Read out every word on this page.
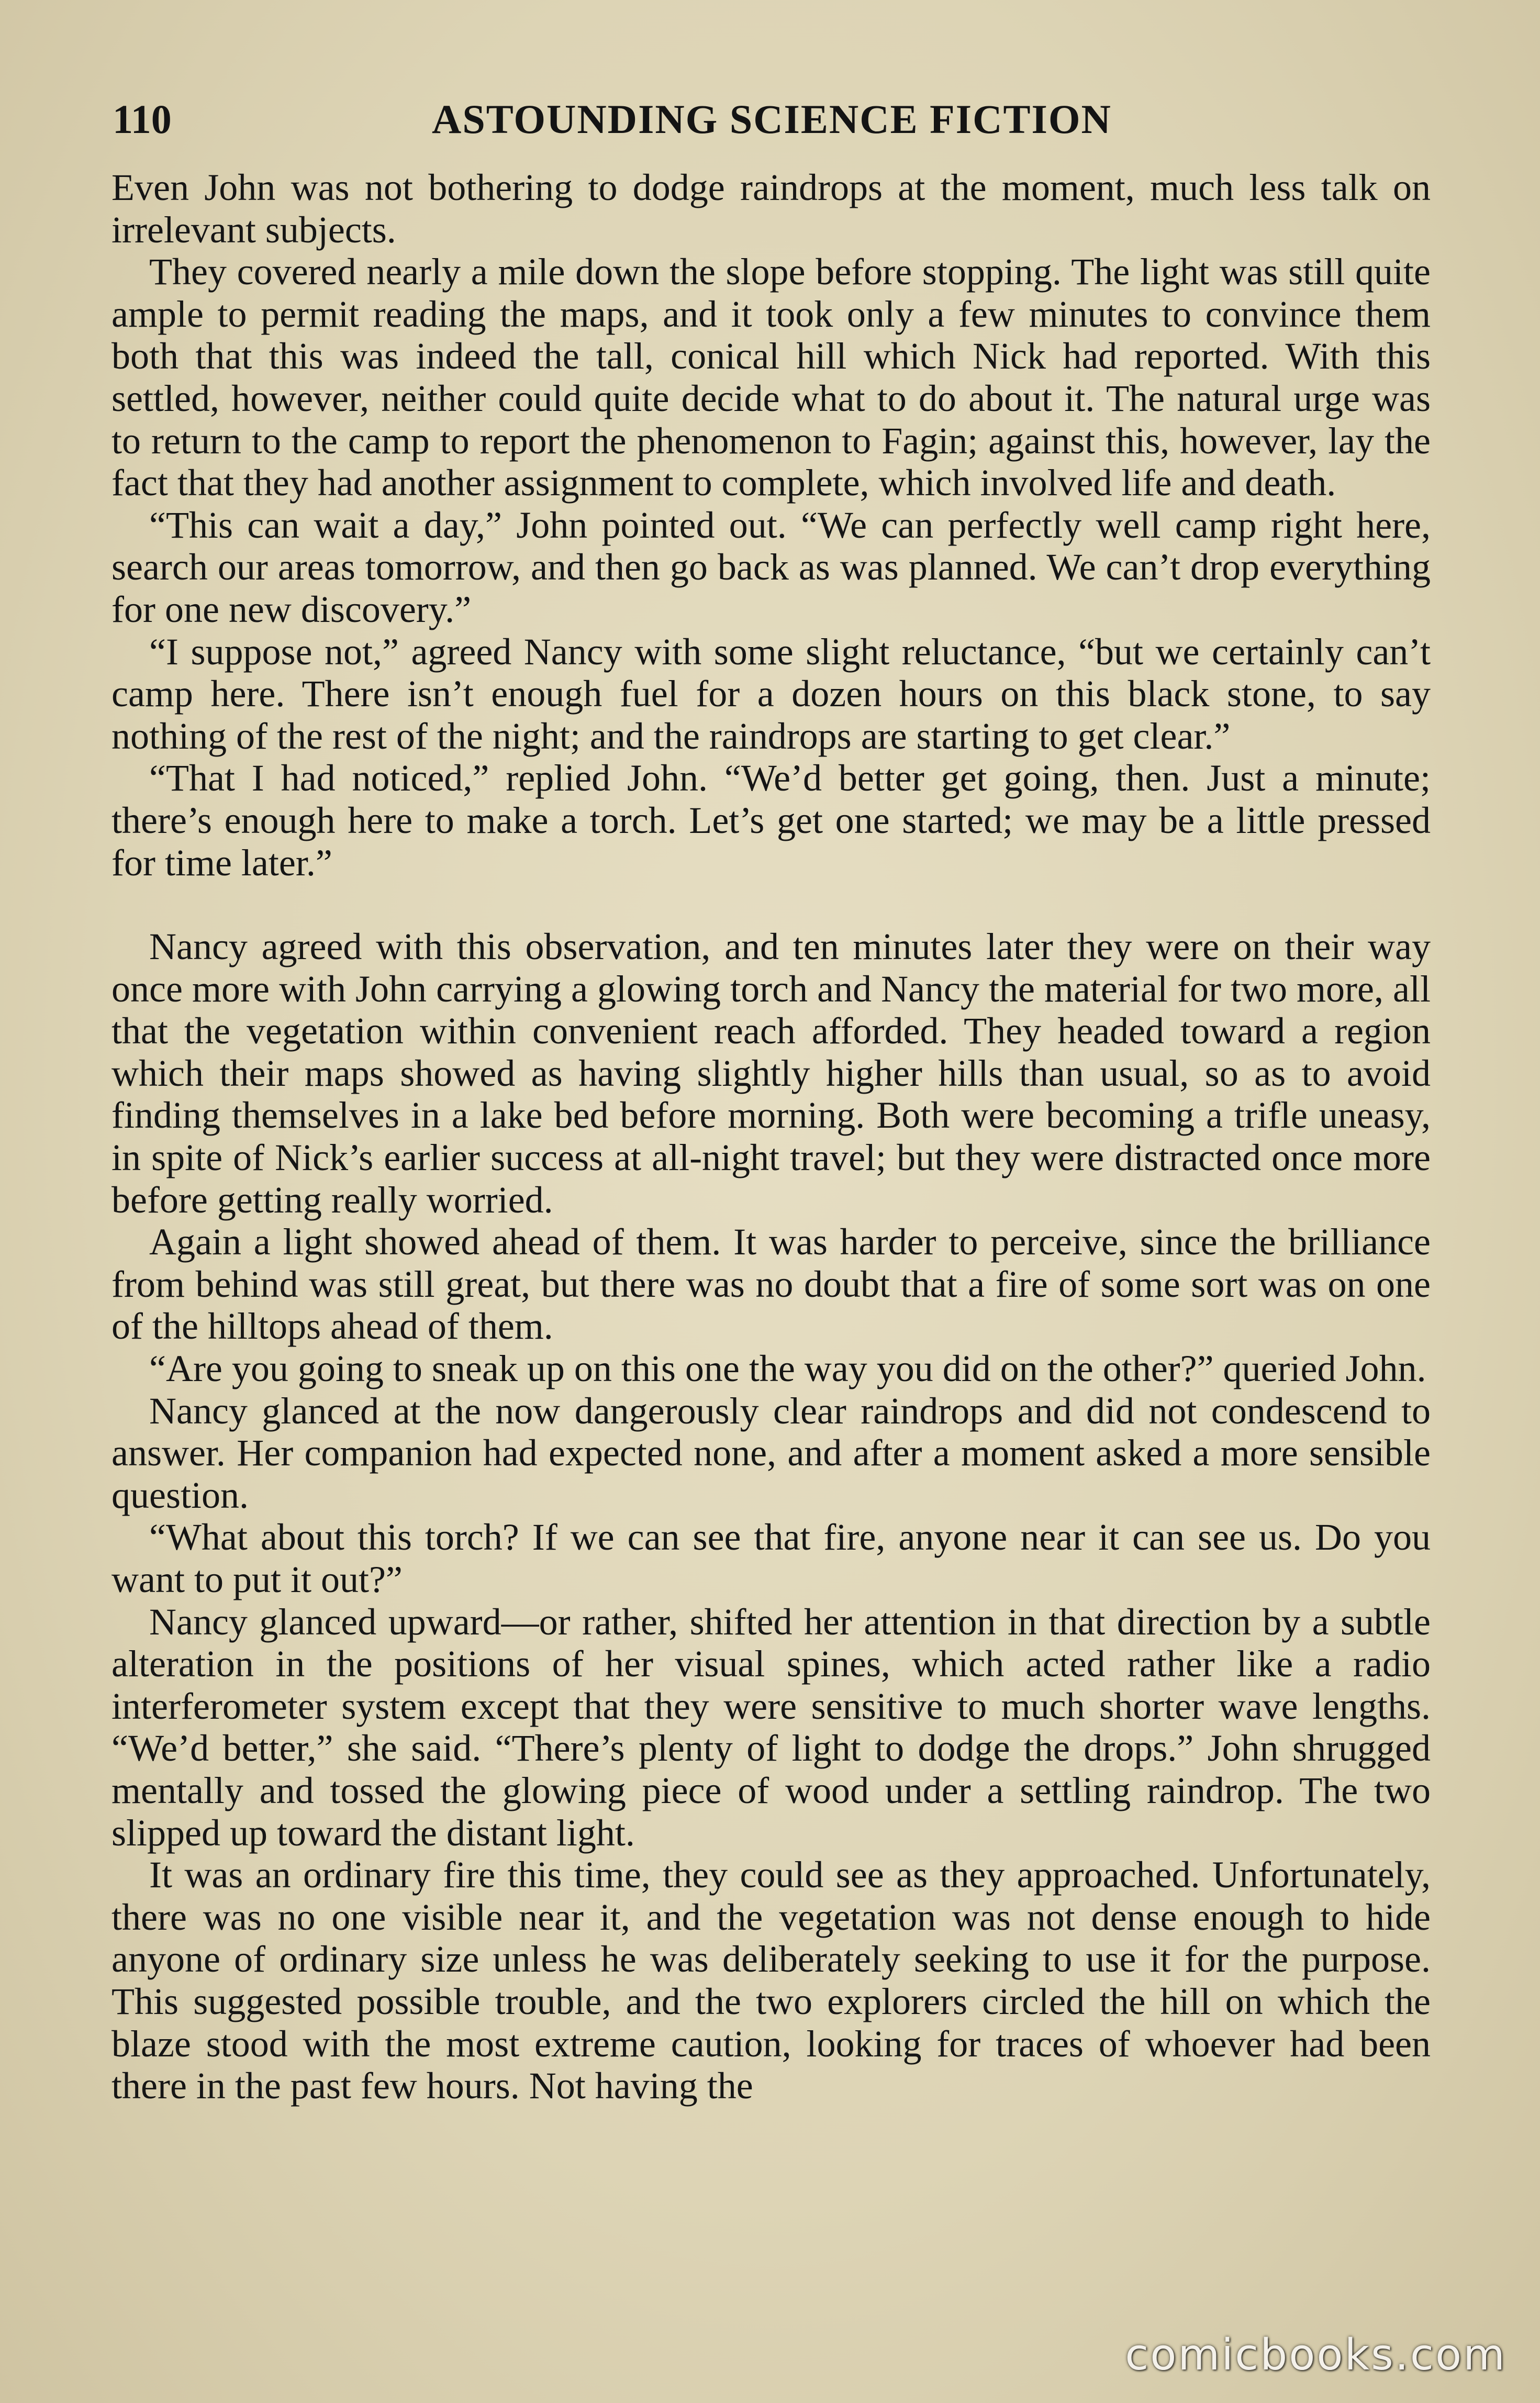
110	ASTOUNDING SCIENCE FICTION

Even John was not bothering to dodge raindrops at the moment, much less talk on irrelevant subjects.

They covered nearly a mile down the slope before stopping. The light was still quite ample to permit reading the maps, and it took only a few minutes to convince them both that this was indeed the tall, conical hill which Nick had reported. With this settled, however, neither could quite decide what to do about it. The natural urge was to return to the camp to report the phenomenon to Fagin; against this, however, lay the fact that they had another assignment to complete, which involved life and death.

“This can wait a day,” John pointed out. “We can perfectly well camp right here, search our areas tomorrow, and then go back as was planned. We can’t drop everything for one new discovery.”

“I suppose not,” agreed Nancy with some slight reluctance, “but we certainly can’t camp here. There isn’t enough fuel for a dozen hours on this black stone, to say nothing of the rest of the night; and the raindrops are starting to get clear.”

“That I had noticed,” replied John. “We’d better get going, then. Just a minute; there’s enough here to make a torch. Let’s get one started; we may be a little pressed for time later.”

Nancy agreed with this observation, and ten minutes later they were on their way once more with John carrying a glowing torch and Nancy the material for two more, all that the vegetation within convenient reach afforded. They headed toward a region which their maps showed as having slightly higher hills than usual, so as to avoid finding themselves in a lake bed before morning. Both were becoming a trifle uneasy, in spite of Nick’s earlier success at all-night travel; but they were distracted once more before getting really worried.

Again a light showed ahead of them. It was harder to perceive, since the brilliance from behind was still great, but there was no doubt that a fire of some sort was on one of the hilltops ahead of them.

“Are you going to sneak up on this one the way you did on the other?” queried John.

Nancy glanced at the now dangerously clear raindrops and did not condescend to answer. Her companion had expected none, and after a moment asked a more sensible question.

“What about this torch? If we can see that fire, anyone near it can see us. Do you want to put it out?”

Nancy glanced upward—or rather, shifted her attention in that direction by a subtle alteration in the positions of her visual spines, which acted rather like a radio interferometer system except that they were sensitive to much shorter wave lengths. “We’d better,” she said. “There’s plenty of light to dodge the drops.” John shrugged mentally and tossed the glowing piece of wood under a settling raindrop. The two slipped up toward the distant light.

It was an ordinary fire this time, they could see as they approached. Unfortunately, there was no one visible near it, and the vegetation was not dense enough to hide anyone of ordinary size unless he was deliberately seeking to use it for the purpose. This suggested possible trouble, and the two explorers circled the hill on which the blaze stood with the most extreme caution, looking for traces of whoever had been there in the past few hours. Not having the

comicbooks.com
